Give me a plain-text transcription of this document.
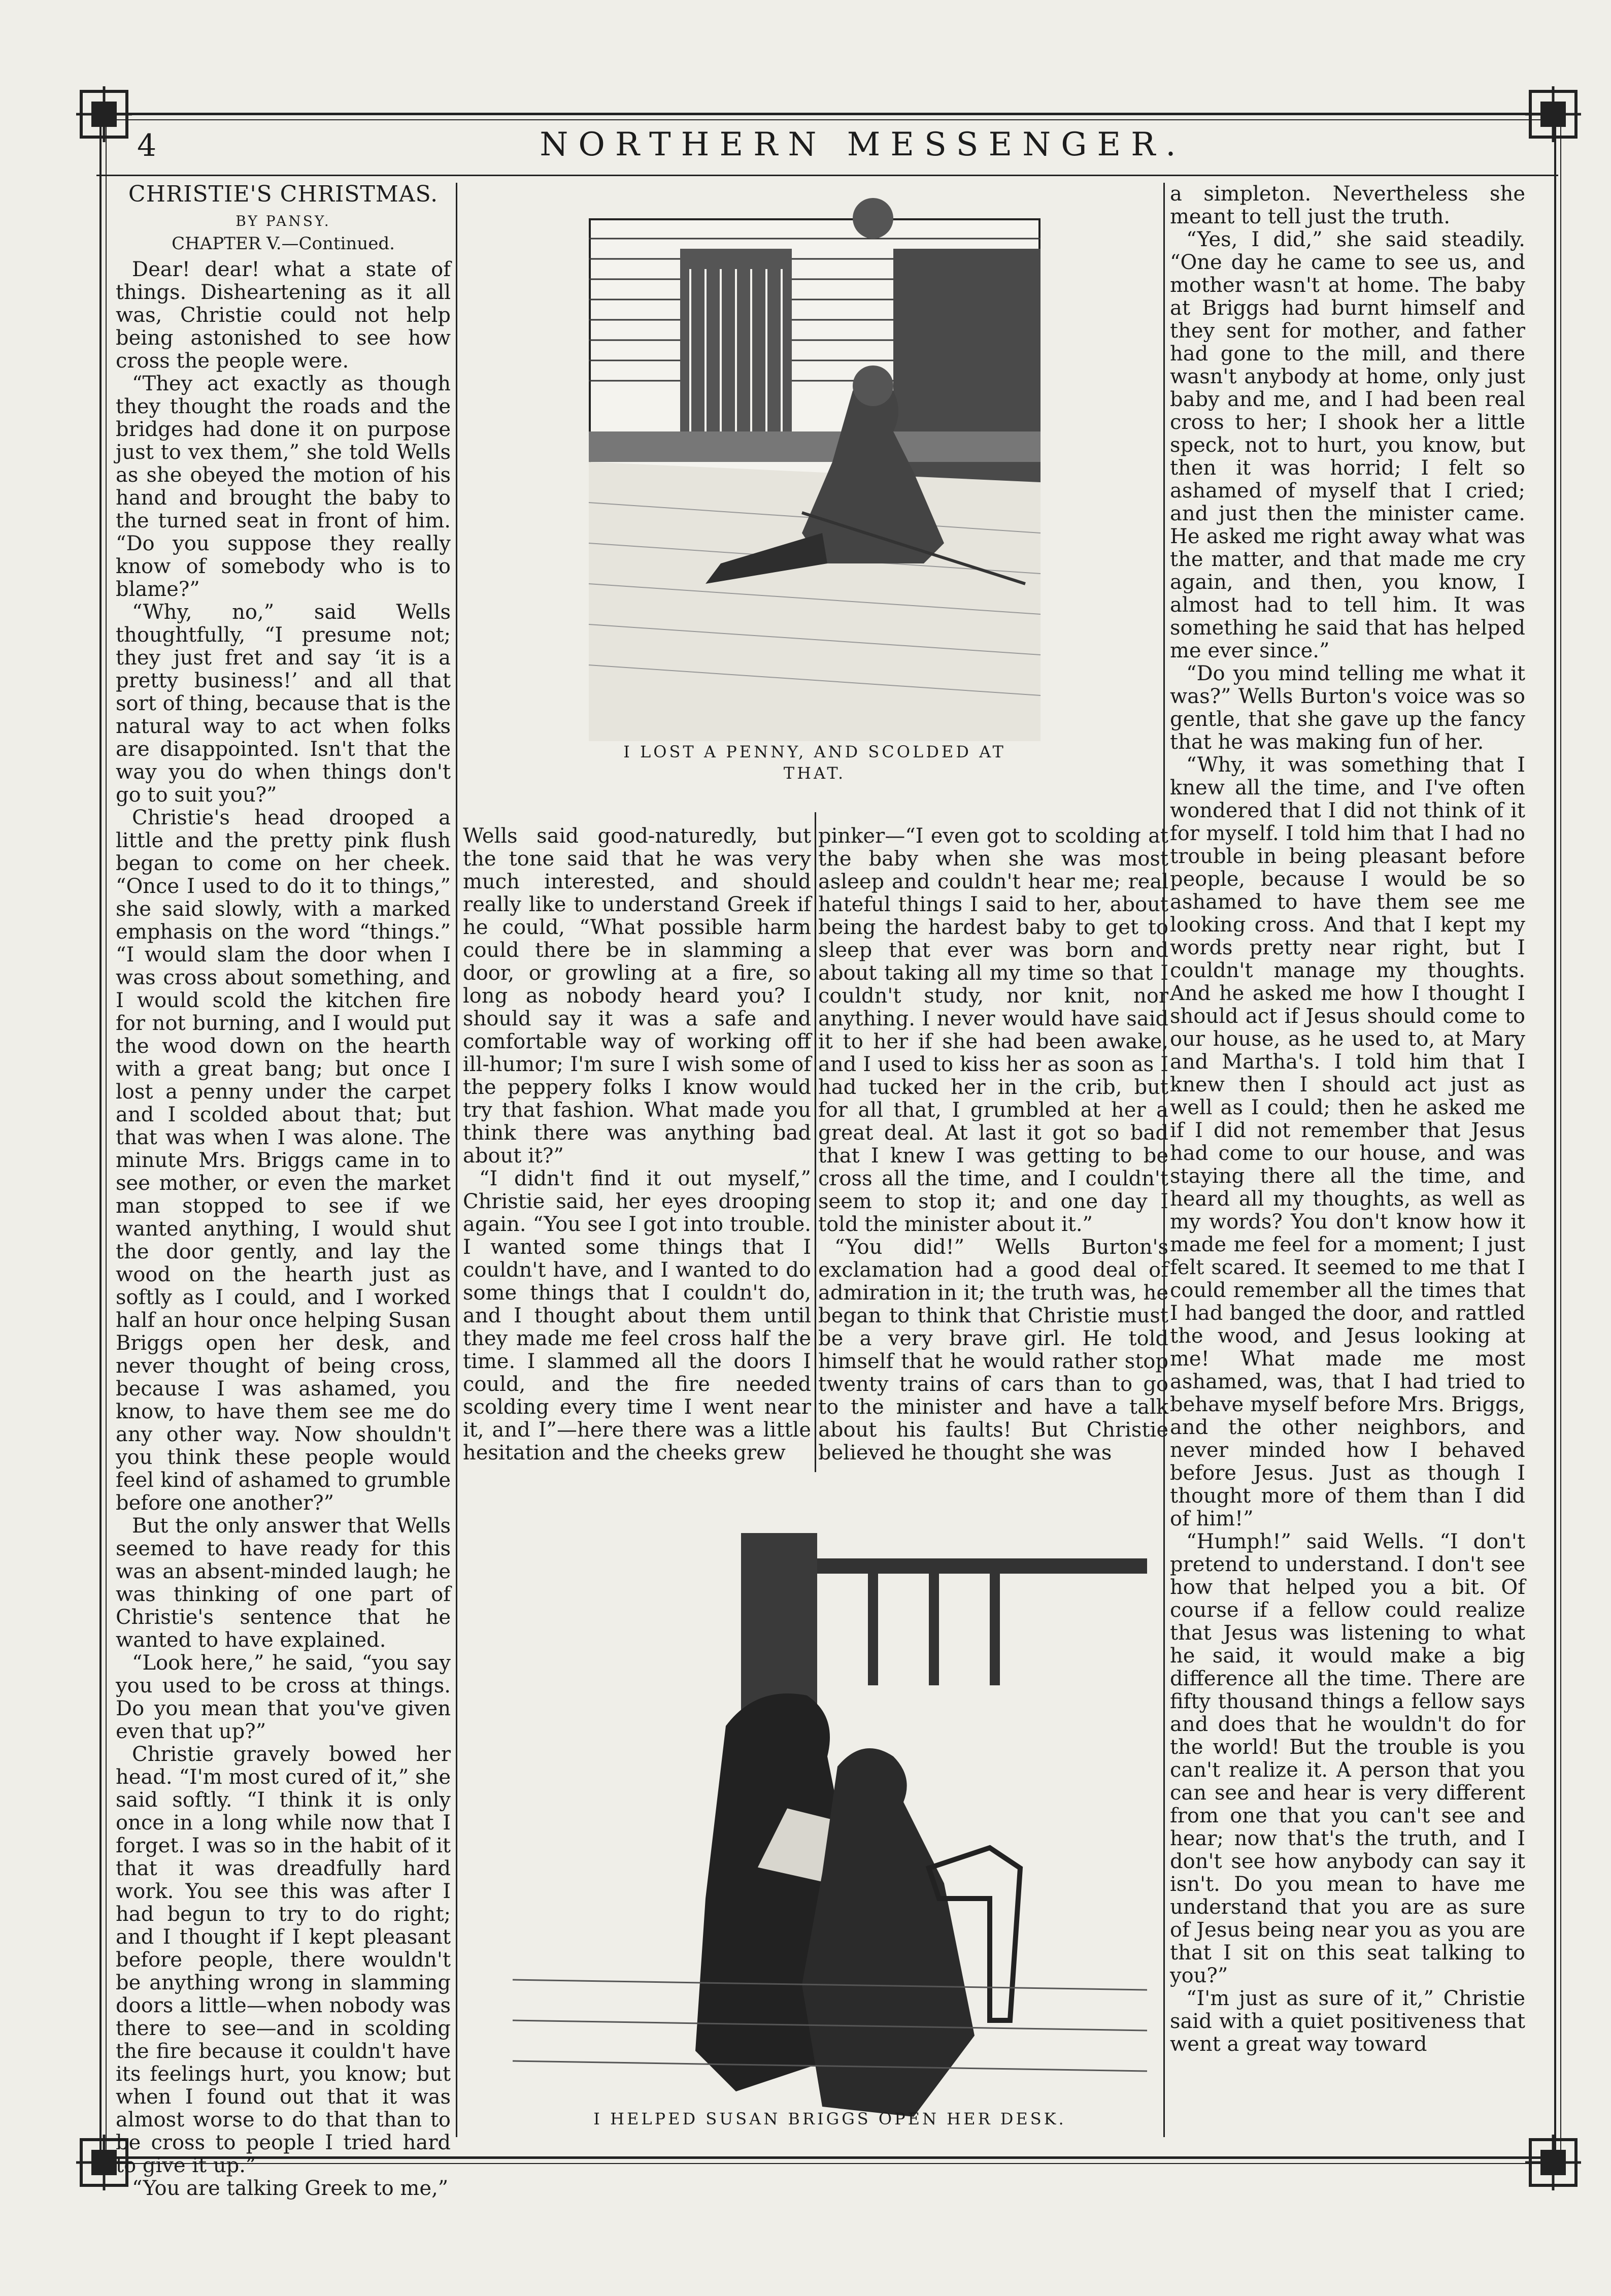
4	NORTHERN MESSENGER.
CHRISTIE'S CHRISTMAS.
BY PANSY.
CHAPTER V.—Continued.

Dear! dear! what a state of things. Disheartening as it all was, Christie could not help being astonished to see how cross the people were.

“They act exactly as though they thought the roads and the bridges had done it on purpose just to vex them,” she told Wells as she obeyed the motion of his hand and brought the baby to the turned seat in front of him. “Do you suppose they really know of somebody who is to blame?”

“Why, no,” said Wells thoughtfully, “I presume not; they just fret and say ‘it is a pretty business!’ and all that sort of thing, because that is the natural way to act when folks are disappointed. Isn't that the way you do when things don't go to suit you?”

Christie's head drooped a little and the pretty pink flush began to come on her cheek. “Once I used to do it to things,” she said slowly, with a marked emphasis on the word “things.” “I would slam the door when I was cross about something, and I would scold the kitchen fire for not burning, and I would put the wood down on the hearth with a great bang; but once I lost a penny under the carpet and I scolded about that; but that was when I was alone. The minute Mrs. Briggs came in to see mother, or even the market man stopped to see if we wanted anything, I would shut the door gently, and lay the wood on the hearth just as softly as I could, and I worked half an hour once helping Susan Briggs open her desk, and never thought of being cross, because I was ashamed, you know, to have them see me do any other way. Now shouldn't you think these people would feel kind of ashamed to grumble before one another?”

But the only answer that Wells seemed to have ready for this was an absent-minded laugh; he was thinking of one part of Christie's sentence that he wanted to have explained.

“Look here,” he said, “you say you used to be cross at things. Do you mean that you've given even that up?”

Christie gravely bowed her head. “I'm most cured of it,” she said softly. “I think it is only once in a long while now that I forget. I was so in the habit of it that it was dreadfully hard work. You see this was after I had begun to try to do right; and I thought if I kept pleasant before people, there wouldn't be anything wrong in slamming doors a little—when nobody was there to see—and in scolding the fire because it couldn't have its feelings hurt, you know; but when I found out that it was almost worse to do that than to be cross to people I tried hard to give it up.”

“You are talking Greek to me,”

I LOST A PENNY, AND SCOLDED AT THAT.

Wells said good-naturedly, but the tone said that he was very much interested, and should really like to understand Greek if he could, “What possible harm could there be in slamming a door, or growling at a fire, so long as nobody heard you? I should say it was a safe and comfortable way of working off ill-humor; I'm sure I wish some of the peppery folks I know would try that fashion. What made you think there was anything bad about it?”

“I didn't find it out myself,” Christie said, her eyes drooping again. “You see I got into trouble. I wanted some things that I couldn't have, and I wanted to do some things that I couldn't do, and I thought about them until they made me feel cross half the time. I slammed all the doors I could, and the fire needed scolding every time I went near it, and I”—here there was a little hesitation and the cheeks grew

pinker—“I even got to scolding at the baby when she was most asleep and couldn't hear me; real hateful things I said to her, about being the hardest baby to get to sleep that ever was born and about taking all my time so that I couldn't study, nor knit, nor anything. I never would have said it to her if she had been awake, and I used to kiss her as soon as I had tucked her in the crib, but for all that, I grumbled at her a great deal. At last it got so bad that I knew I was getting to be cross all the time, and I couldn't seem to stop it; and one day I told the minister about it.”

“You did!” Wells Burton's exclamation had a good deal of admiration in it; the truth was, he began to think that Christie must be a very brave girl. He told himself that he would rather stop twenty trains of cars than to go to the minister and have a talk about his faults! But Christie believed he thought she was

I HELPED SUSAN BRIGGS OPEN HER DESK.

a simpleton. Nevertheless she meant to tell just the truth.

“Yes, I did,” she said steadily. “One day he came to see us, and mother wasn't at home. The baby at Briggs had burnt himself and they sent for mother, and father had gone to the mill, and there wasn't anybody at home, only just baby and me, and I had been real cross to her; I shook her a little speck, not to hurt, you know, but then it was horrid; I felt so ashamed of myself that I cried; and just then the minister came. He asked me right away what was the matter, and that made me cry again, and then, you know, I almost had to tell him. It was something he said that has helped me ever since.”

“Do you mind telling me what it was?” Wells Burton's voice was so gentle, that she gave up the fancy that he was making fun of her.

“Why, it was something that I knew all the time, and I've often wondered that I did not think of it for myself. I told him that I had no trouble in being pleasant before people, because I would be so ashamed to have them see me looking cross. And that I kept my words pretty near right, but I couldn't manage my thoughts. And he asked me how I thought I should act if Jesus should come to our house, as he used to, at Mary and Martha's. I told him that I knew then I should act just as well as I could; then he asked me if I did not remember that Jesus had come to our house, and was staying there all the time, and heard all my thoughts, as well as my words? You don't know how it made me feel for a moment; I just felt scared. It seemed to me that I could remember all the times that I had banged the door, and rattled the wood, and Jesus looking at me! What made me most ashamed, was, that I had tried to behave myself before Mrs. Briggs, and the other neighbors, and never minded how I behaved before Jesus. Just as though I thought more of them than I did of him!”

“Humph!” said Wells. “I don't pretend to understand. I don't see how that helped you a bit. Of course if a fellow could realize that Jesus was listening to what he said, it would make a big difference all the time. There are fifty thousand things a fellow says and does that he wouldn't do for the world! But the trouble is you can't realize it. A person that you can see and hear is very different from one that you can't see and hear; now that's the truth, and I don't see how anybody can say it isn't. Do you mean to have me understand that you are as sure of Jesus being near you as you are that I sit on this seat talking to you?”

“I'm just as sure of it,” Christie said with a quiet positiveness that went a great way toward
